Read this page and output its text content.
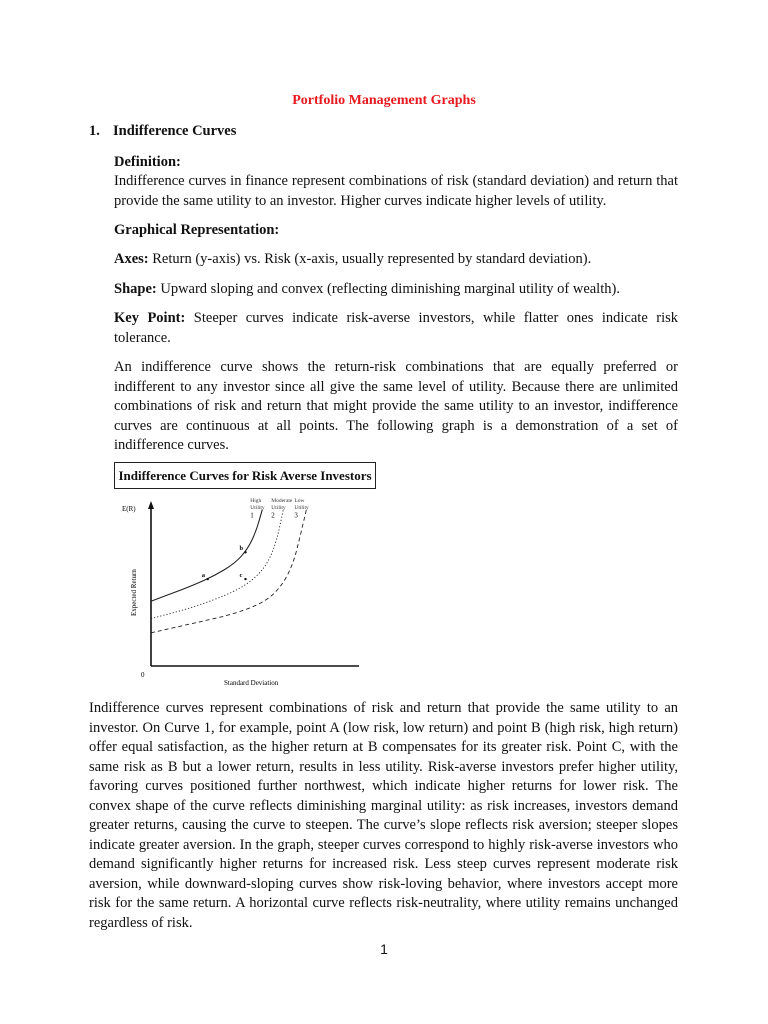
Portfolio Management Graphs
1. Indifference Curves
Definition:
Indifference curves in finance represent combinations of risk (standard deviation) and return that provide the same utility to an investor. Higher curves indicate higher levels of utility.
Graphical Representation:
Axes: Return (y-axis) vs. Risk (x-axis, usually represented by standard deviation).
Shape: Upward sloping and convex (reflecting diminishing marginal utility of wealth).
Key Point: Steeper curves indicate risk-averse investors, while flatter ones indicate risk tolerance.
An indifference curve shows the return-risk combinations that are equally preferred or indifferent to any investor since all give the same level of utility. Because there are unlimited combinations of risk and return that might provide the same utility to an investor, indifference curves are continuous at all points. The following graph is a demonstration of a set of indifference curves.
Indifference Curves for Risk Averse Investors
E(R)
Expected Return
Standard Deviation
0
High
Utility
Moderate
Utility
Low
Utility
1 2	3
a
b
c
Indifference curves represent combinations of risk and return that provide the same utility to an investor. On Curve 1, for example, point A (low risk, low return) and point B (high risk, high return) offer equal satisfaction, as the higher return at B compensates for its greater risk. Point C, with the same risk as B but a lower return, results in less utility. Risk-averse investors prefer higher utility, favoring curves positioned further northwest, which indicate higher returns for lower risk. The convex shape of the curve reflects diminishing marginal utility: as risk increases, investors demand greater returns, causing the curve to steepen. The curve’s slope reflects risk aversion; steeper slopes indicate greater aversion. In the graph, steeper curves correspond to highly risk-averse investors who demand significantly higher returns for increased risk. Less steep curves represent moderate risk aversion, while downward-sloping curves show risk-loving behavior, where investors accept more risk for the same return. A horizontal curve reflects risk-neutrality, where utility remains unchanged regardless of risk.
1
